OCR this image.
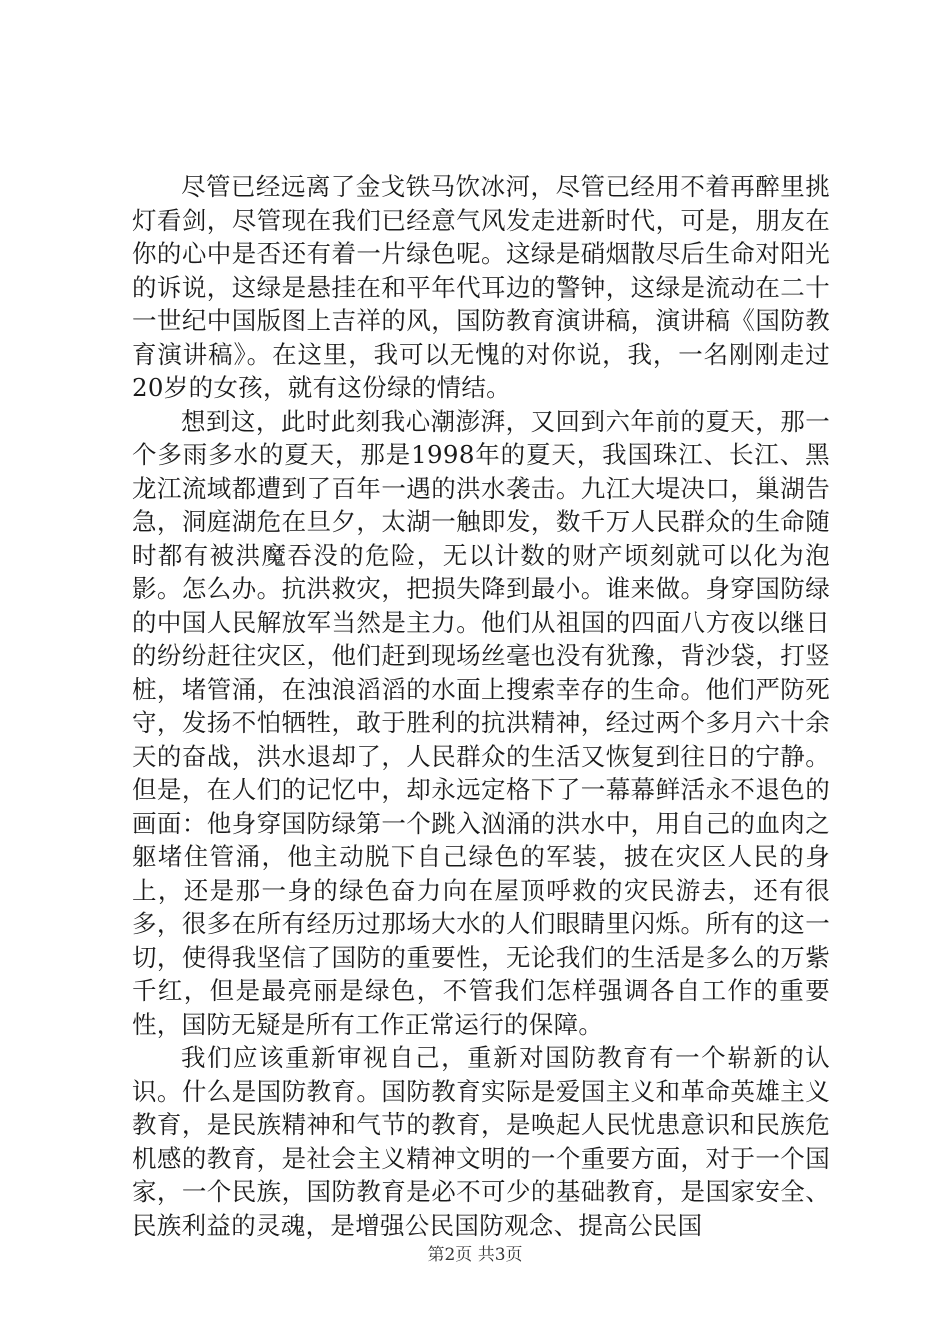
尽管已经远离了金戈铁马饮冰河，尽管已经用不着再醉里挑灯看剑，尽管现在我们已经意气风发走进新时代，可是，朋友在你的心中是否还有着一片绿色呢。这绿是硝烟散尽后生命对阳光的诉说，这绿是悬挂在和平年代耳边的警钟，这绿是流动在二十一世纪中国版图上吉祥的风，国防教育演讲稿，演讲稿《国防教育演讲稿》。在这里，我可以无愧的对你说，我，一名刚刚走过20岁的女孩，就有这份绿的情结。

想到这，此时此刻我心潮澎湃，又回到六年前的夏天，那一个多雨多水的夏天，那是1998年的夏天，我国珠江、长江、黑龙江流域都遭到了百年一遇的洪水袭击。九江大堤决口，巢湖告急，洞庭湖危在旦夕，太湖一触即发，数千万人民群众的生命随时都有被洪魔吞没的危险，无以计数的财产顷刻就可以化为泡影。怎么办。抗洪救灾，把损失降到最小。谁来做。身穿国防绿的中国人民解放军当然是主力。他们从祖国的四面八方夜以继日的纷纷赶往灾区，他们赶到现场丝毫也没有犹豫，背沙袋，打竖桩，堵管涌，在浊浪滔滔的水面上搜索幸存的生命。他们严防死守，发扬不怕牺牲，敢于胜利的抗洪精神，经过两个多月六十余天的奋战，洪水退却了，人民群众的生活又恢复到往日的宁静。但是，在人们的记忆中，却永远定格下了一幕幕鲜活永不退色的画面：他身穿国防绿第一个跳入汹涌的洪水中，用自己的血肉之躯堵住管涌，他主动脱下自己绿色的军装，披在灾区人民的身上，还是那一身的绿色奋力向在屋顶呼救的灾民游去，还有很多，很多在所有经历过那场大水的人们眼睛里闪烁。所有的这一切，使得我坚信了国防的重要性，无论我们的生活是多么的万紫千红，但是最亮丽是绿色，不管我们怎样强调各自工作的重要性，国防无疑是所有工作正常运行的保障。

我们应该重新审视自己，重新对国防教育有一个崭新的认识。什么是国防教育。国防教育实际是爱国主义和革命英雄主义教育，是民族精神和气节的教育，是唤起人民忧患意识和民族危机感的教育，是社会主义精神文明的一个重要方面，对于一个国家，一个民族，国防教育是必不可少的基础教育，是国家安全、民族利益的灵魂，是增强公民国防观念、提高公民国

第2页 共3页
